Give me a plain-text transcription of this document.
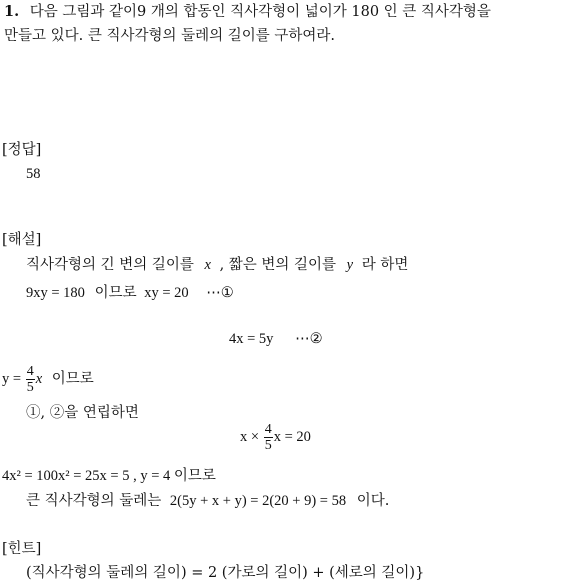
1. 다음 그림과 같이9 개의 합동인 직사각형이 넓이가 180 인 큰 직사각형을
만들고 있다. 큰 직사각형의 둘레의 길이를 구하여라.
[정답]
58
[해설]
직사각형의 긴 변의 길이를 x , 짧은 변의 길이를 y 라 하면
9xy = 180 이므로 xy = 20 ⋯①
4x = 5y ⋯②
$y = \frac{4}{5}$ x 이므로
①, ②을 연립하면
$x \times \frac{4}{5}$ x = 20
4x² = 100x² = 25x = 5 , y = 4 이므로
큰 직사각형의 둘레는 2(5y + x + y) = 2(20 + 9) = 58 이다.
[힌트]
(직사각형의 둘레의 길이) = 2 (가로의 길이) + (세로의 길이)}
